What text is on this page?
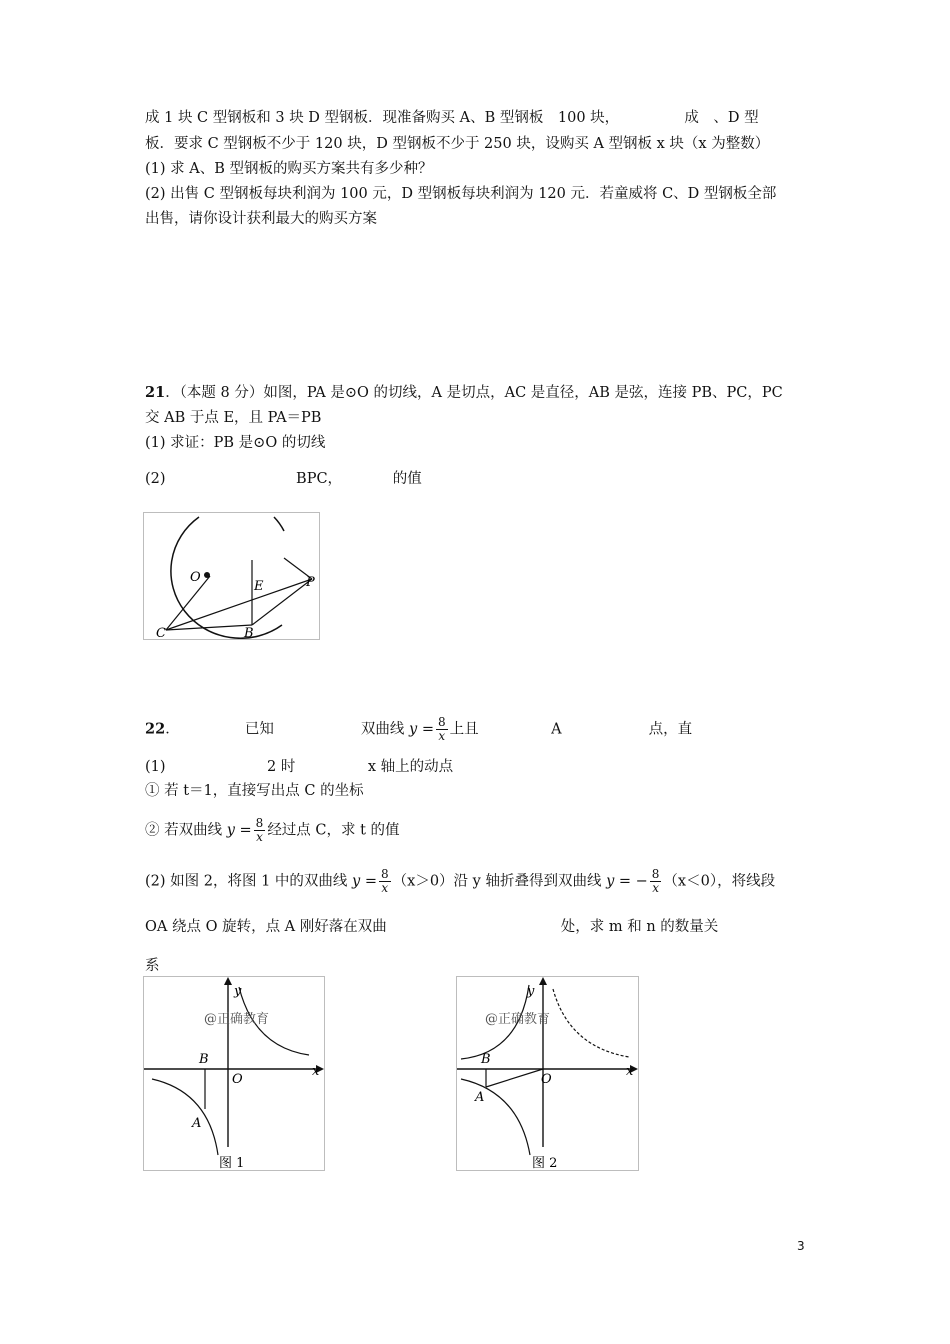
成 1 块 C 型钢板和 3 块 D 型钢板．现准备购买 A、B 型钢板　100 块，　　　　　成　、D 型
板．要求 C 型钢板不少于 120 块，D 型钢板不少于 250 块，设购买 A 型钢板 x 块（x 为整数）
(1) 求 A、B 型钢板的购买方案共有多少种？
(2) 出售 C 型钢板每块利润为 100 元，D 型钢板每块利润为 120 元．若童威将 C、D 型钢板全部
出售，请你设计获利最大的购买方案
21．（本题 8 分）如图，PA 是⊙O 的切线，A 是切点，AC 是直径，AB 是弦，连接 PB、PC，PC
交 AB 于点 E，且 PA＝PB
(1) 求证：PB 是⊙O 的切线
(2)　　　　　　　　　BPC，　　　　的值
O
E	P
C	B
22．　　　　　已知　　　　　　双曲线 $y = \frac{8}{x}$ 上且　　　　　A　　　　　　点，直
(1)　　　　　　　2 时　　　　　x 轴上的动点　　　　　　　　　　　　　　　　　　　
① 若 t＝1，直接写出点 C 的坐标
② 若双曲线 $y = \frac{8}{x}$ 经过点 C，求 t 的值
(2) 如图 2，将图 1 中的双曲线 $y = \frac{8}{x} (x>0)$沿 y 轴折叠得到双曲线 y = − $\frac{8}{x} (x<0)$，将线段
OA 绕点 O 旋转，点 A 刚好落在双曲　　　　　　　　　　　　处，求 m 和 n 的数量关
系
y
x
O
B
A
@正确教育
图 1
y
x
O
B
A
@正确教育
图 2
3
